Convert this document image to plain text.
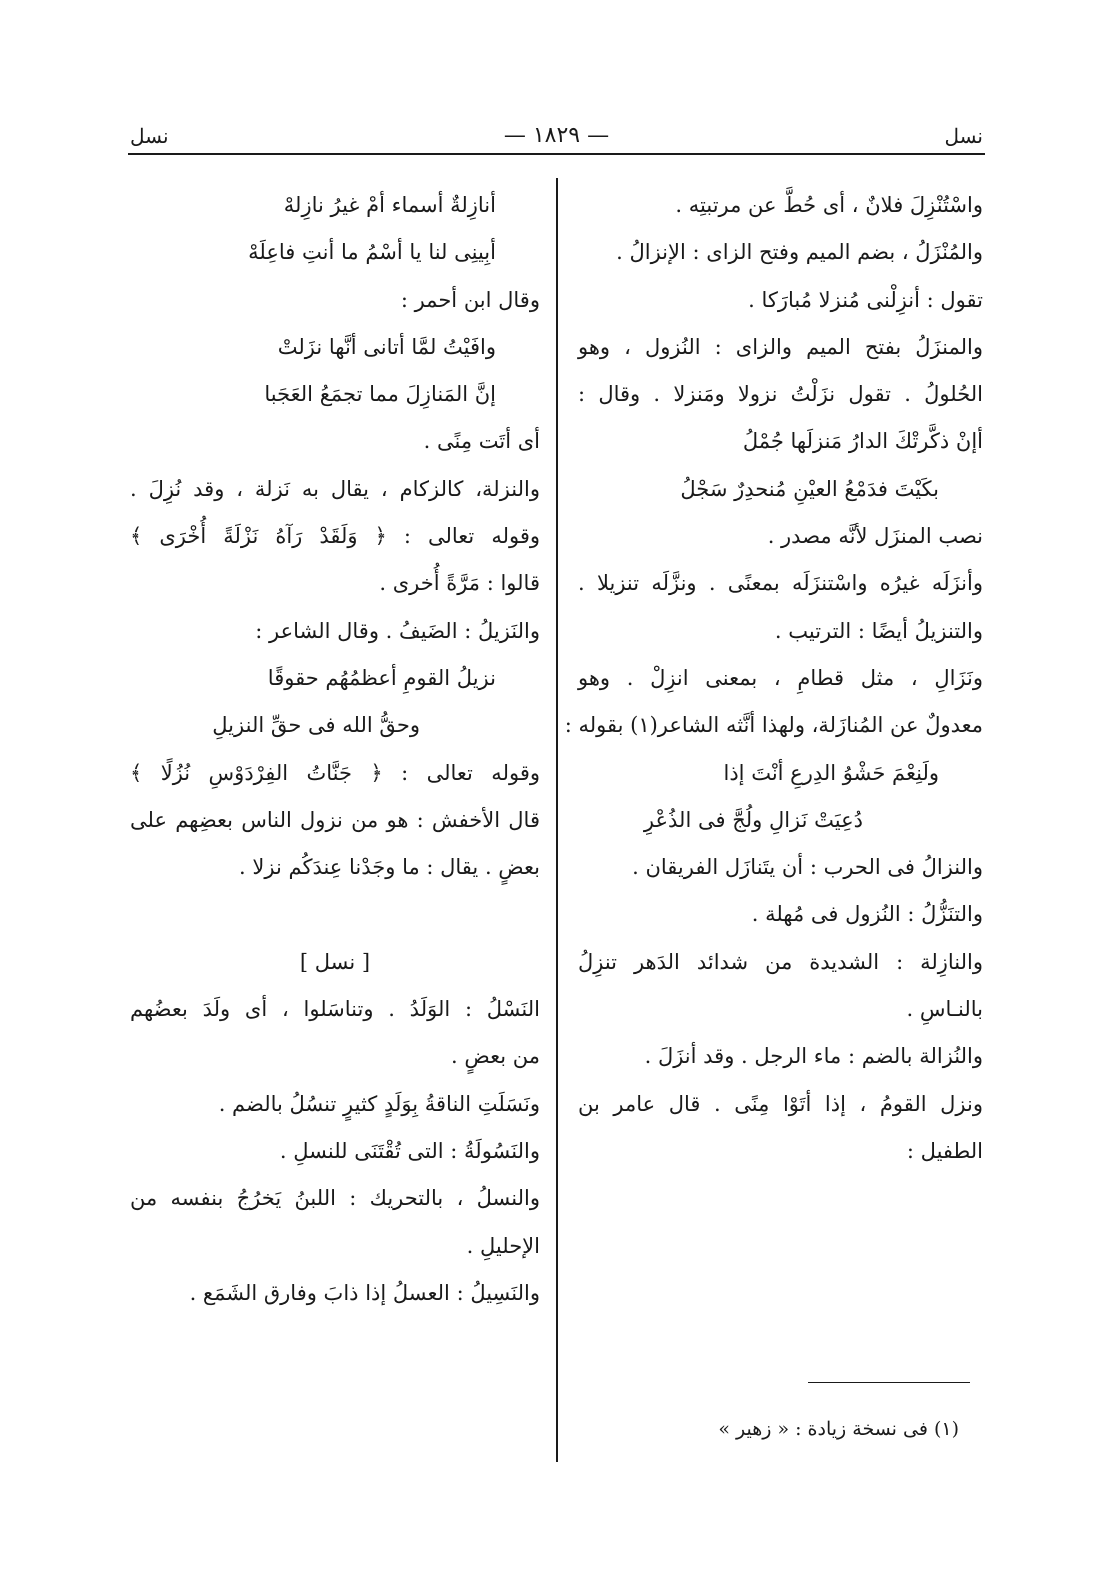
نسل	— ١٨٢٩ —	نسل
واسْتُنْزِلَ فلانٌ ، أى حُطَّ عن مرتبتِه .
والمُنْزَلُ ، بضم الميم وفتح الزاى : الإنزالُ .
تقول : أنزِلْنى مُنزلا مُبارَكا .
والمنزَلُ بفتح الميم والزاى : النُزول ، وهو
الحُلولُ . تقول نزَلْتُ نزولا ومَنزلا . وقال :
أإنْ ذكَّرتْكَ الدارُ مَنزلَها جُمْلُ
بكَيْتَ فدَمْعُ العيْنِ مُنحدِرٌ سَجْلُ
نصب المنزَل لأنَّه مصدر .
وأنزَلَه غيرُه واسْتنزَلَه بمعنًى . ونزَّلَه تنزيلا .
والتنزيلُ أيضًا : الترتيب .
ونَزَالِ ، مثل قطامِ ، بمعنى انزِلْ . وهو
معدولٌ عن المُنازَلة، ولهذا أنَّثه الشاعر(١) بقوله :
ولَنِعْمَ حَشْوُ الدِرعِ أنْتَ إذا
دُعِيَتْ نَزالِ ولُجَّ فى الذُعْرِ
والنزالُ فى الحرب : أن يتَنازَل الفريقان .
والتنَزُّلُ : النُزول فى مُهلة .
والنازِلة : الشديدة من شدائد الدَهر تنزِلُ
بالنـاسِ .
والنُزالة بالضم : ماء الرجل . وقد أنزَلَ .
ونزل القومُ ، إذا أتَوْا مِنًى . قال عامر بن
الطفيل :
أنازِلةٌ أسماء أمْ غيرُ نازِلهْ
أبِينِى لنا يا أسْمُ ما أنتِ فاعِلَهْ
وقال ابن أحمر :
وافَيْتُ لمَّا أتانى أنَّها نزَلتْ
إنَّ المَنازِلَ مما تجمَعُ العَجَبا
أى أتَت مِنًى .
والنزلة، كالزكام ، يقال به نَزلة ، وقد نُزِلَ .
وقوله تعالى : ﴿ وَلَقَدْ رَآهُ نَزْلَةً أُخْرَى ﴾
قالوا : مَرَّةً أُخرى .
والنَزيلُ : الضَيفُ . وقال الشاعر :
نزيلُ القومِ أعظمُهُم حقوقًا
وحقُّ الله فى حقِّ النزيلِ
وقوله تعالى : ﴿ جَنَّاتُ الفِرْدَوْسِ نُزُلًا ﴾
قال الأخفش : هو من نزول الناس بعضِهم على
بعضٍ . يقال : ما وجَدْنا عِندَكُم نزلا .
[ نسل ]
النَسْلُ : الوَلَدُ . وتناسَلوا ، أى ولَدَ بعضُهم
من بعضٍ .
ونَسَلَتِ الناقةُ بِوَلَدٍ كثيرٍ تنسُلُ بالضم .
والنَسُولَةُ : التى تُقْتَنَى للنسلِ .
والنسلُ ، بالتحريك : اللبنُ يَخرُجُ بنفسه من
الإحليلِ .
والنَسِيلُ : العسلُ إذا ذابَ وفارق الشَمَع .
(١) فى نسخة زيادة : « زهير »
